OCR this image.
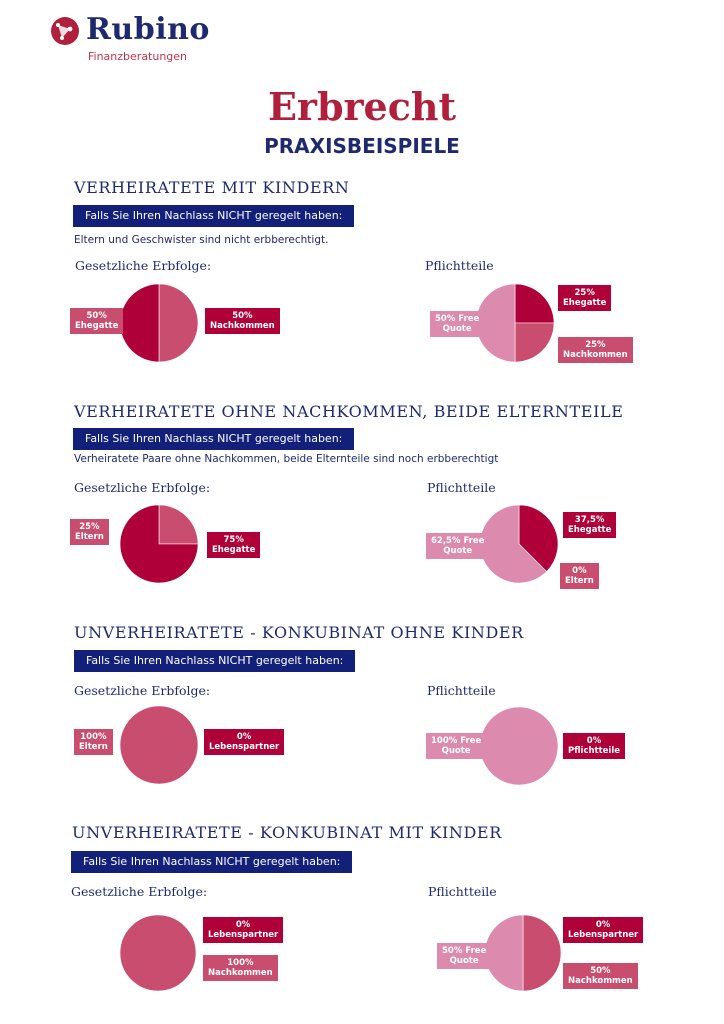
Rubino
Finanzberatungen
Erbrecht
PRAXISBEISPIELE
VERHEIRATETE MIT KINDERN
Falls Sie Ihren Nachlass NICHT geregelt haben:
Eltern und Geschwister sind nicht erbberechtigt.
Gesetzliche Erbfolge:	Pflichtteile
VERHEIRATETE OHNE NACHKOMMEN, BEIDE ELTERNTEILE
Falls Sie Ihren Nachlass NICHT geregelt haben:
Verheiratete Paare ohne Nachkommen, beide Elternteile sind noch erbberechtigt
Gesetzliche Erbfolge:	Pflichtteile
UNVERHEIRATETE - KONKUBINAT OHNE KINDER
Falls Sie Ihren Nachlass NICHT geregelt haben:
Gesetzliche Erbfolge:	Pflichtteile
UNVERHEIRATETE - KONKUBINAT MIT KINDER
Falls Sie Ihren Nachlass NICHT geregelt haben:
Gesetzliche Erbfolge:	Pflichtteile
50%
Ehegatte
50%
Nachkommen
25%
Ehegatte
25%
Nachkommen
50% Free
Quote
25%
Eltern	75%
Ehegatte
37,5%
Ehegatte
0%
Eltern
62,5% Free
Quote
100%
Eltern
0%
Lebenspartner
100% Free
Quote
0%
Pflichtteile
0%
Lebenspartner
100%
Nachkommen
0%
Lebenspartner
50%
Nachkommen
50% Free
Quote
